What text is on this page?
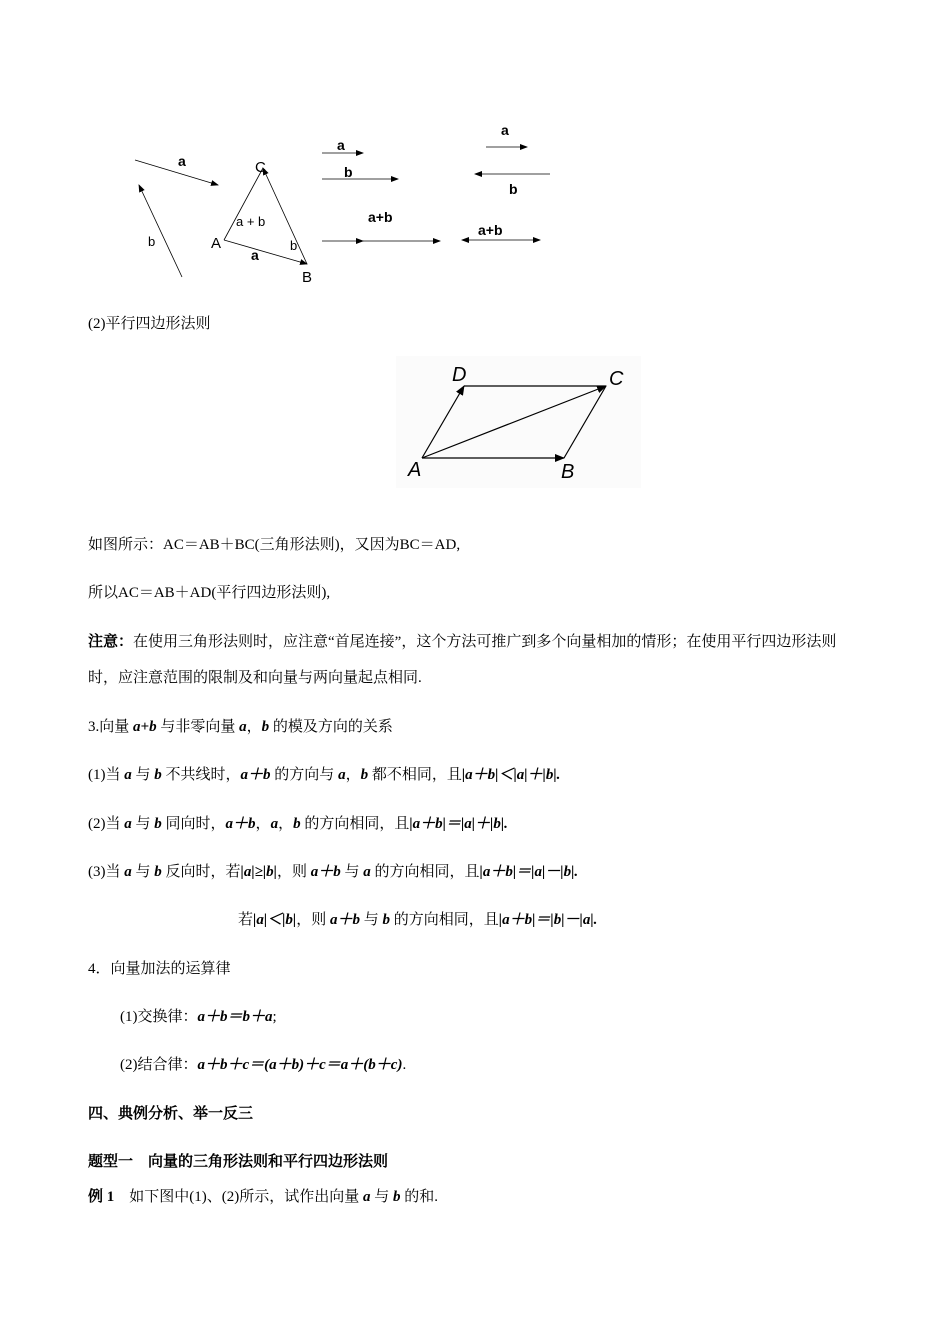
a
b
C
A
B
a + b
a
b
a
b
a+b
a
b
a+b
(2)平行四边形法则
A	B
C
D
如图所示：AC＝AB＋BC(三角形法则)，又因为BC＝AD,
所以AC＝AB＋AD(平行四边形法则),
注意：在使用三角形法则时，应注意“首尾连接”，这个方法可推广到多个向量相加的情形；在使用平行四边形法则时，应注意范围的限制及和向量与两向量起点相同.
3.向量 a+b 与非零向量 a，b 的模及方向的关系
(1)当 a 与 b 不共线时，a＋b 的方向与 a，b 都不相同，且|a＋b|＜|a|＋|b|.
(2)当 a 与 b 同向时，a＋b，a，b 的方向相同，且|a＋b|＝|a|＋|b|.
(3)当 a 与 b 反向时，若|a|≥|b|，则 a＋b 与 a 的方向相同，且|a＋b|＝|a|－|b|.
若|a|＜|b|，则 a＋b 与 b 的方向相同，且|a＋b|＝|b|－|a|.
4．向量加法的运算律
(1)交换律：a＋b＝b＋a;
(2)结合律：a＋b＋c＝(a＋b)＋c＝a＋(b＋c).
四、典例分析、举一反三
题型一　向量的三角形法则和平行四边形法则
例 1　如下图中(1)、(2)所示，试作出向量 a 与 b 的和.
